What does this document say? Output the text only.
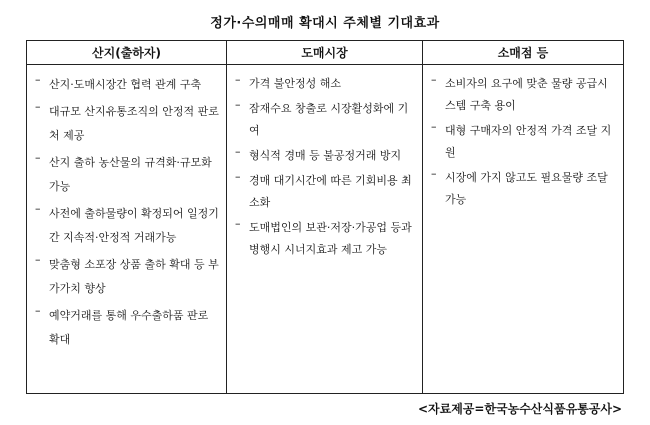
정가·수의매매 확대시 주체별 기대효과
산지(출하자)	도매시장	소매점 등
– 산지·도매시장간 협력 관계 구축
– 대규모 산지유통조직의 안정적 판로처 제공
– 산지 출하 농산물의 규격화·규모화 가능
– 사전에 출하물량이 확정되어 일정기간 지속적·안정적 거래가능
– 맞춤형 소포장 상품 출하 확대 등 부가가치 향상
– 예약거래를 통해 우수출하품 판로 확대
– 가격 불안정성 해소
– 잠재수요 창출로 시장활성화에 기여
– 형식적 경매 등 불공정거래 방지
– 경매 대기시간에 따른 기회비용 최소화
– 도매법인의 보관·저장·가공업 등과 병행시 시너지효과 제고 가능
– 소비자의 요구에 맞춘 물량 공급시스템 구축 용이
– 대형 구매자의 안정적 가격 조달 지원
– 시장에 가지 않고도 필요물량 조달 가능
<자료제공=한국농수산식품유통공사>
